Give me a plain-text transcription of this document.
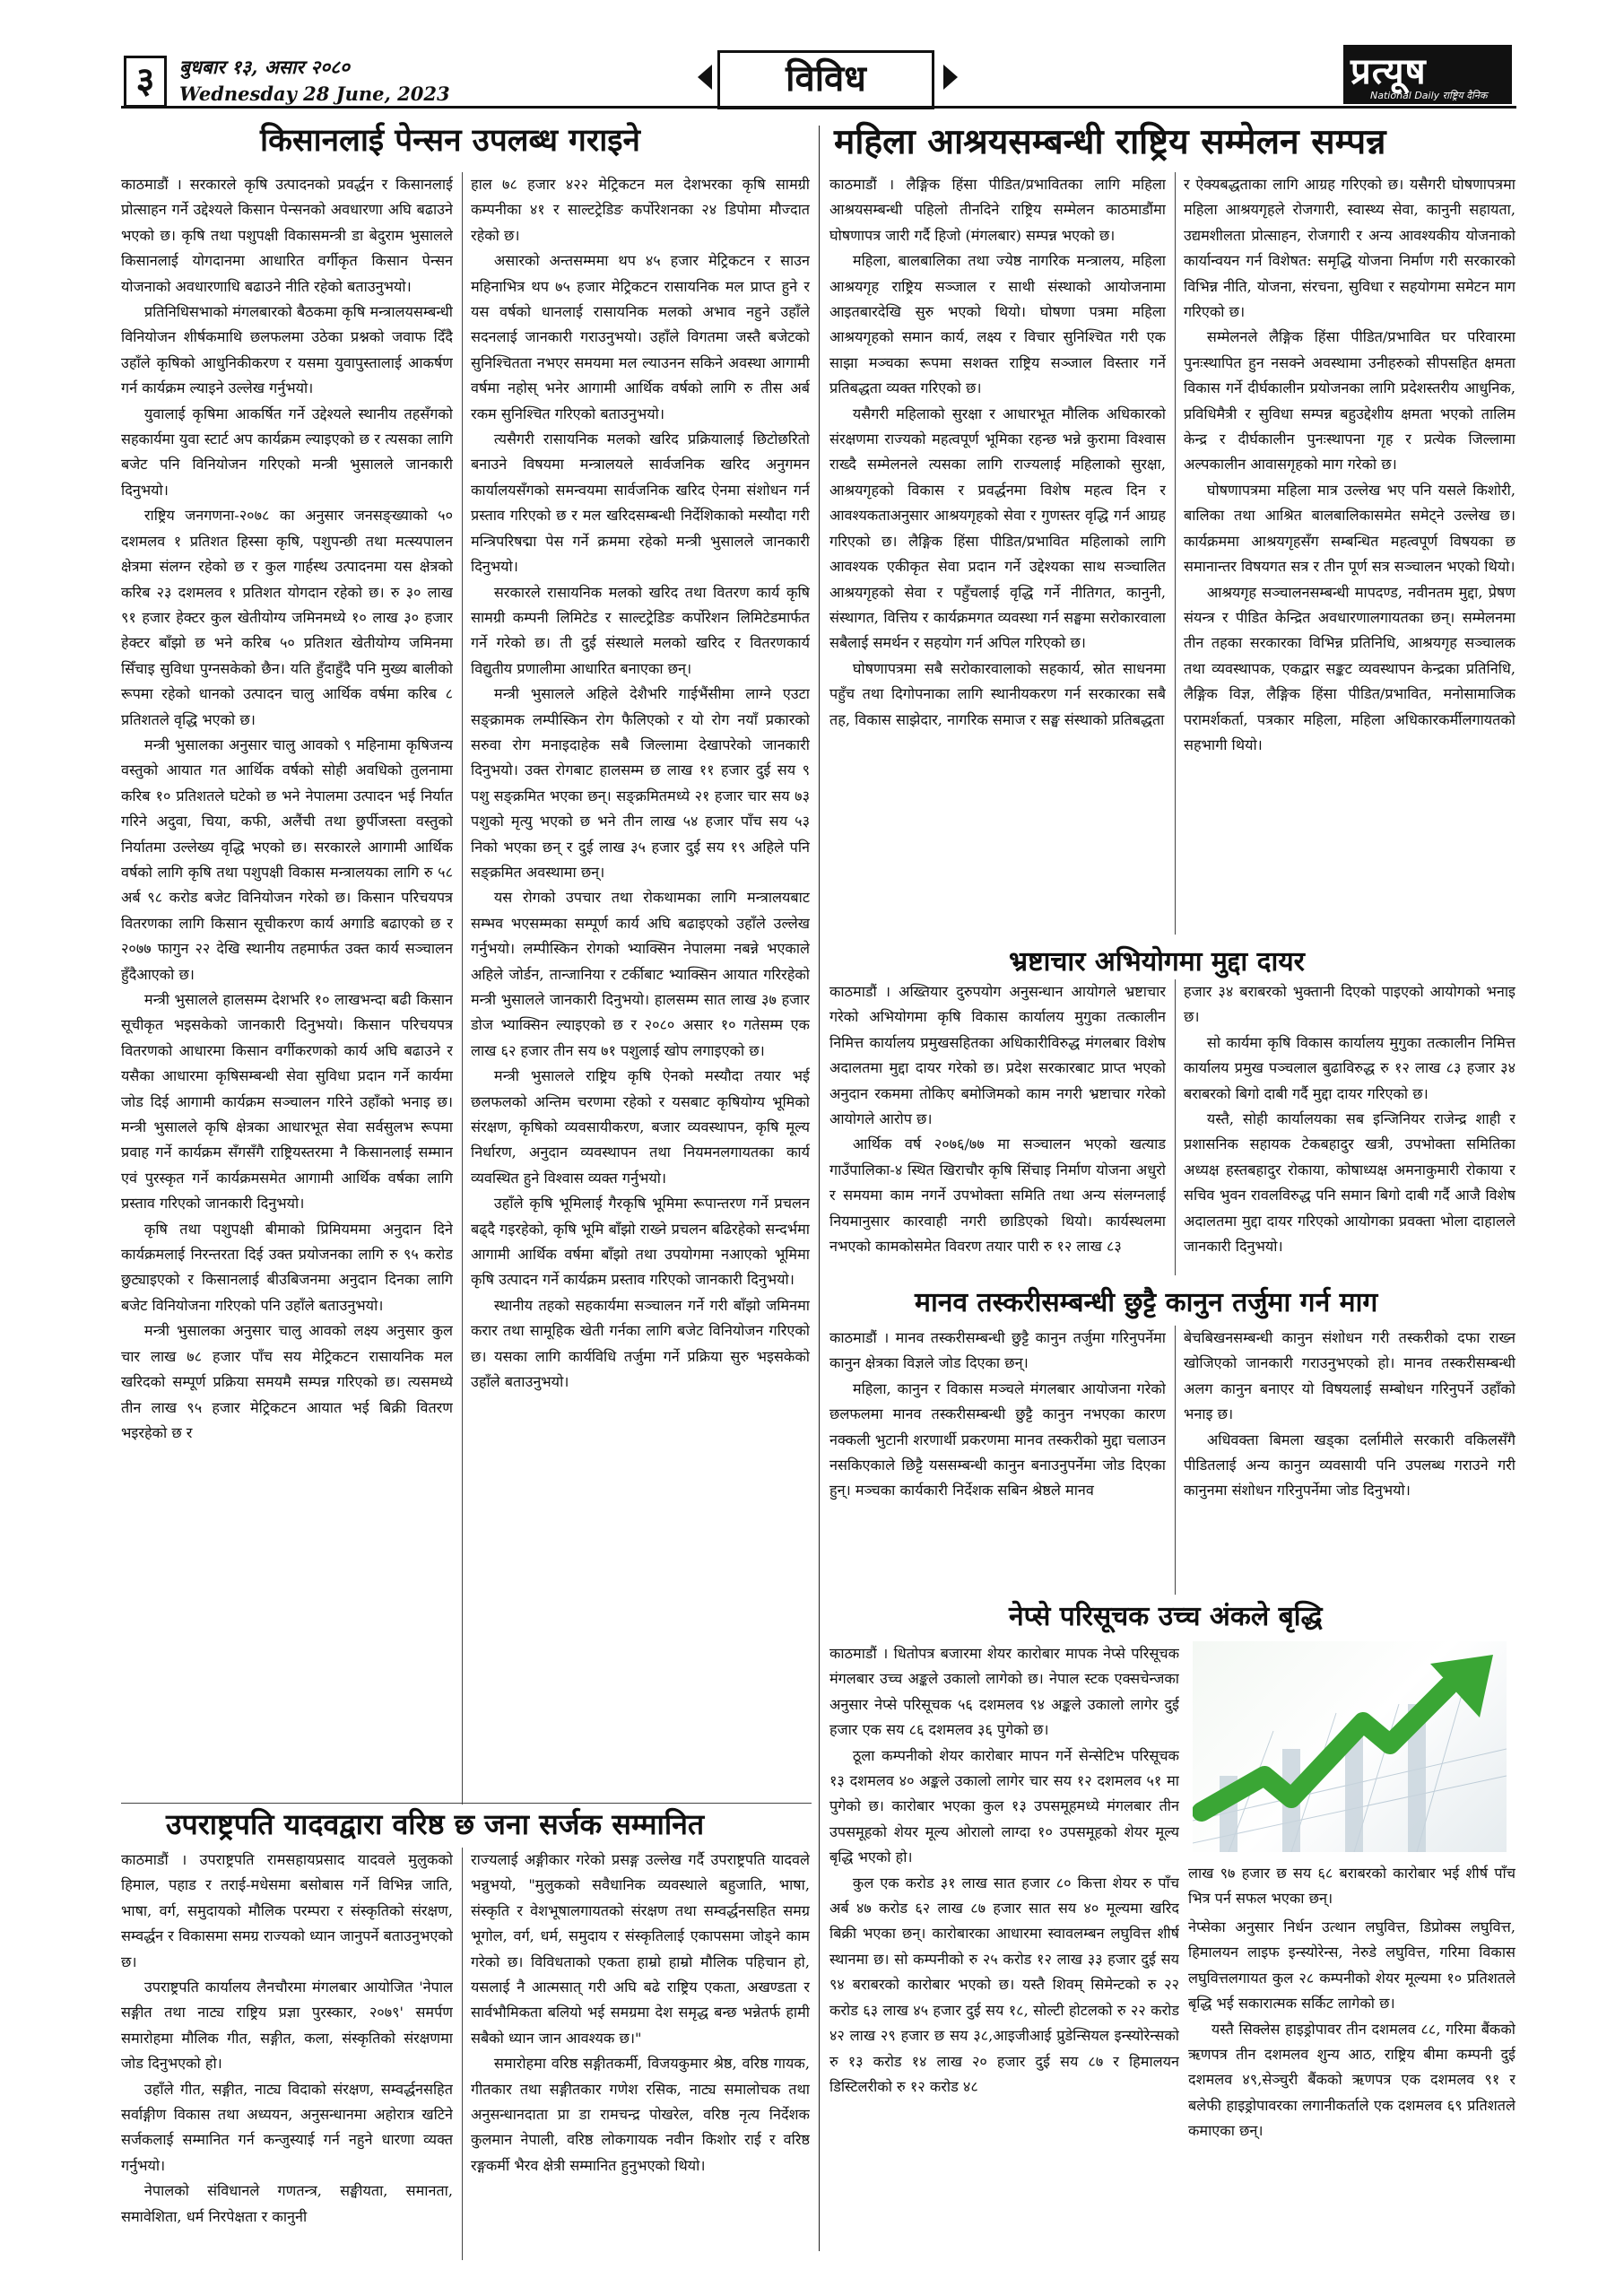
३	बुधबार १३, असार २०८०
Wednesday 28 June, 2023	विविध	प्रत्यूष
National Daily राष्ट्रिय दैनिक
किसानलाई पेन्सन उपलब्ध गराइने

काठमाडौं । सरकारले कृषि उत्पादनको प्रवर्द्धन र किसानलाई प्रोत्साहन गर्ने उद्देश्यले किसान पेन्सनको अवधारणा अघि बढाउने भएको छ। कृषि तथा पशुपक्षी विकासमन्त्री डा बेदुराम भुसालले किसानलाई योगदानमा आधारित वर्गीकृत किसान पेन्सन योजनाको अवधारणाधि बढाउने नीति रहेको बताउनुभयो।

प्रतिनिधिसभाको मंगलबारको बैठकमा कृषि मन्त्रालयसम्बन्धी विनियोजन शीर्षकमाथि छलफलमा उठेका प्रश्नको जवाफ दिँदै उहाँले कृषिको आधुनिकीकरण र यसमा युवापुस्तालाई आकर्षण गर्न कार्यक्रम ल्याइने उल्लेख गर्नुभयो।

युवालाई कृषिमा आकर्षित गर्ने उद्देश्यले स्थानीय तहसँगको सहकार्यमा युवा स्टार्ट अप कार्यक्रम ल्याइएको छ र त्यसका लागि बजेट पनि विनियोजन गरिएको मन्त्री भुसालले जानकारी दिनुभयो।

राष्ट्रिय जनगणना-२०७८ का अनुसार जनसङ्ख्याको ५० दशमलव १ प्रतिशत हिस्सा कृषि, पशुपन्छी तथा मत्स्यपालन क्षेत्रमा संलग्न रहेको छ र कुल गार्हस्थ उत्पादनमा यस क्षेत्रको करिब २३ दशमलव १ प्रतिशत योगदान रहेको छ। रु ३० लाख ९१ हजार हेक्टर कुल खेतीयोग्य जमिनमध्ये १० लाख ३० हजार हेक्टर बाँझो छ भने करिब ५० प्रतिशत खेतीयोग्य जमिनमा सिँचाइ सुविधा पुग्नसकेको छैन। यति हुँदाहुँदै पनि मुख्य बालीको रूपमा रहेको धानको उत्पादन चालु आर्थिक वर्षमा करिब ८ प्रतिशतले वृद्धि भएको छ।

मन्त्री भुसालका अनुसार चालु आवको ९ महिनामा कृषिजन्य वस्तुको आयात गत आर्थिक वर्षको सोही अवधिको तुलनामा करिब १० प्रतिशतले घटेको छ भने नेपालमा उत्पादन भई निर्यात गरिने अदुवा, चिया, कफी, अलैंची तथा छुर्पीजस्ता वस्तुको निर्यातमा उल्लेख्य वृद्धि भएको छ। सरकारले आगामी आर्थिक वर्षको लागि कृषि तथा पशुपक्षी विकास मन्त्रालयका लागि रु ५८ अर्ब ९८ करोड बजेट विनियोजन गरेको छ। किसान परिचयपत्र वितरणका लागि किसान सूचीकरण कार्य अगाडि बढाएको छ र २०७७ फागुन २२ देखि स्थानीय तहमार्फत उक्त कार्य सञ्चालन हुँदैआएको छ।

मन्त्री भुसालले हालसम्म देशभरि १० लाखभन्दा बढी किसान सूचीकृत भइसकेको जानकारी दिनुभयो। किसान परिचयपत्र वितरणको आधारमा किसान वर्गीकरणको कार्य अघि बढाउने र यसैका आधारमा कृषिसम्बन्धी सेवा सुविधा प्रदान गर्ने कार्यमा जोड दिई आगामी कार्यक्रम सञ्चालन गरिने उहाँको भनाइ छ। मन्त्री भुसालले कृषि क्षेत्रका आधारभूत सेवा सर्वसुलभ रूपमा प्रवाह गर्ने कार्यक्रम सँगसँगै राष्ट्रियस्तरमा नै किसानलाई सम्मान एवं पुरस्कृत गर्ने कार्यक्रमसमेत आगामी आर्थिक वर्षका लागि प्रस्ताव गरिएको जानकारी दिनुभयो।

कृषि तथा पशुपक्षी बीमाको प्रिमियममा अनुदान दिने कार्यक्रमलाई निरन्तरता दिई उक्त प्रयोजनका लागि रु ९५ करोड छुट्याइएको र किसानलाई बीउबिजनमा अनुदान दिनका लागि बजेट विनियोजना गरिएको पनि उहाँले बताउनुभयो।

मन्त्री भुसालका अनुसार चालु आवको लक्ष्य अनुसार कुल चार लाख ७८ हजार पाँच सय मेट्रिकटन रासायनिक मल खरिदको सम्पूर्ण प्रक्रिया समयमै सम्पन्न गरिएको छ। त्यसमध्ये तीन लाख ९५ हजार मेट्रिकटन आयात भई बिक्री वितरण भइरहेको छ र

हाल ७८ हजार ४२२ मेट्रिकटन मल देशभरका कृषि सामग्री कम्पनीका ४१ र साल्टट्रेडिङ कर्पोरेशनका २४ डिपोमा मौज्दात रहेको छ।

असारको अन्तसम्ममा थप ४५ हजार मेट्रिकटन र साउन महिनाभित्र थप ७५ हजार मेट्रिकटन रासायनिक मल प्राप्त हुने र यस वर्षको धानलाई रासायनिक मलको अभाव नहुने उहाँले सदनलाई जानकारी गराउनुभयो। उहाँले विगतमा जस्तै बजेटको सुनिश्चितता नभएर समयमा मल ल्याउनन सकिने अवस्था आगामी वर्षमा नहोस् भनेर आगामी आर्थिक वर्षको लागि रु तीस अर्ब रकम सुनिश्चित गरिएको बताउनुभयो।

त्यसैगरी रासायनिक मलको खरिद प्रक्रियालाई छिटोछरितो बनाउने विषयमा मन्त्रालयले सार्वजनिक खरिद अनुगमन कार्यालयसँगको समन्वयमा सार्वजनिक खरिद ऐनमा संशोधन गर्न प्रस्ताव गरिएको छ र मल खरिदसम्बन्धी निर्देशिकाको मस्यौदा गरी मन्त्रिपरिषद्मा पेस गर्ने क्रममा रहेको मन्त्री भुसालले जानकारी दिनुभयो।

सरकारले रासायनिक मलको खरिद तथा वितरण कार्य कृषि सामग्री कम्पनी लिमिटेड र साल्टट्रेडिङ कर्पोरेशन लिमिटेडमार्फत गर्ने गरेको छ। ती दुई संस्थाले मलको खरिद र वितरणकार्य विद्युतीय प्रणालीमा आधारित बनाएका छन्।

मन्त्री भुसालले अहिले देशैभरि गाईभैंसीमा लाग्ने एउटा सङ्क्रामक लम्पीस्किन रोग फैलिएको र यो रोग नयाँ प्रकारको सरुवा रोग मनाइदाहेक सबै जिल्लामा देखापरेको जानकारी दिनुभयो। उक्त रोगबाट हालसम्म छ लाख ११ हजार दुई सय ९ पशु सङ्क्रमित भएका छन्। सङ्क्रमितमध्ये २१ हजार चार सय ७३ पशुको मृत्यु भएको छ भने तीन लाख ५४ हजार पाँच सय ५३ निको भएका छन् र दुई लाख ३५ हजार दुई सय १९ अहिले पनि सङ्क्रमित अवस्थामा छन्।

यस रोगको उपचार तथा रोकथामका लागि मन्त्रालयबाट सम्भव भएसम्मका सम्पूर्ण कार्य अघि बढाइएको उहाँले उल्लेख गर्नुभयो। लम्पीस्किन रोगको भ्याक्सिन नेपालमा नबन्ने भएकाले अहिले जोर्डन, तान्जानिया र टर्कीबाट भ्याक्सिन आयात गरिरहेको मन्त्री भुसालले जानकारी दिनुभयो। हालसम्म सात लाख ३७ हजार डोज भ्याक्सिन ल्याइएको छ र २०८० असार १० गतेसम्म एक लाख ६२ हजार तीन सय ७१ पशुलाई खोप लगाइएको छ।

मन्त्री भुसालले राष्ट्रिय कृषि ऐनको मस्यौदा तयार भई छलफलको अन्तिम चरणमा रहेको र यसबाट कृषियोग्य भूमिको संरक्षण, कृषिको व्यवसायीकरण, बजार व्यवस्थापन, कृषि मूल्य निर्धारण, अनुदान व्यवस्थापन तथा नियमनलगायतका कार्य व्यवस्थित हुने विश्वास व्यक्त गर्नुभयो।

उहाँले कृषि भूमिलाई गैरकृषि भूमिमा रूपान्तरण गर्ने प्रचलन बढ्दै गइरहेको, कृषि भूमि बाँझो राख्ने प्रचलन बढिरहेको सन्दर्भमा आगामी आर्थिक वर्षमा बाँझो तथा उपयोगमा नआएको भूमिमा कृषि उत्पादन गर्ने कार्यक्रम प्रस्ताव गरिएको जानकारी दिनुभयो।

स्थानीय तहको सहकार्यमा सञ्चालन गर्ने गरी बाँझो जमिनमा करार तथा सामूहिक खेती गर्नका लागि बजेट विनियोजन गरिएको छ। यसका लागि कार्यविधि तर्जुमा गर्ने प्रक्रिया सुरु भइसकेको उहाँले बताउनुभयो।

महिला आश्रयसम्बन्धी राष्ट्रिय सम्मेलन सम्पन्न

काठमाडौं । लैङ्गिक हिंसा पीडित/प्रभावितका लागि महिला आश्रयसम्बन्धी पहिलो तीनदिने राष्ट्रिय सम्मेलन काठमाडौंमा घोषणापत्र जारी गर्दै हिजो (मंगलबार) सम्पन्न भएको छ।

महिला, बालबालिका तथा ज्येष्ठ नागरिक मन्त्रालय, महिला आश्रयगृह राष्ट्रिय सञ्जाल र साथी संस्थाको आयोजनामा आइतबारदेखि सुरु भएको थियो। घोषणा पत्रमा महिला आश्रयगृहको समान कार्य, लक्ष्य र विचार सुनिश्चित गरी एक साझा मञ्चका रूपमा सशक्त राष्ट्रिय सञ्जाल विस्तार गर्ने प्रतिबद्धता व्यक्त गरिएको छ।

यसैगरी महिलाको सुरक्षा र आधारभूत मौलिक अधिकारको संरक्षणमा राज्यको महत्वपूर्ण भूमिका रहन्छ भन्ने कुरामा विश्वास राख्दै सम्मेलनले त्यसका लागि राज्यलाई महिलाको सुरक्षा, आश्रयगृहको विकास र प्रवर्द्धनमा विशेष महत्व दिन र आवश्यकताअनुसार आश्रयगृहको सेवा र गुणस्तर वृद्धि गर्न आग्रह गरिएको छ। लैङ्गिक हिंसा पीडित/प्रभावित महिलाको लागि आवश्यक एकीकृत सेवा प्रदान गर्ने उद्देश्यका साथ सञ्चालित आश्रयगृहको सेवा र पहुँचलाई वृद्धि गर्ने नीतिगत, कानुनी, संस्थागत, वित्तिय र कार्यक्रमगत व्यवस्था गर्न सङ्घमा सरोकारवाला सबैलाई समर्थन र सहयोग गर्न अपिल गरिएको छ।

घोषणापत्रमा सबै सरोकारवालाको सहकार्य, स्रोत साधनमा पहुँच तथा दिगोपनाका लागि स्थानीयकरण गर्न सरकारका सबै तह, विकास साझेदार, नागरिक समाज र सङ्घ संस्थाको प्रतिबद्धता

र ऐक्यबद्धताका लागि आग्रह गरिएको छ। यसैगरी घोषणापत्रमा महिला आश्रयगृहले रोजगारी, स्वास्थ्य सेवा, कानुनी सहायता, उद्यमशीलता प्रोत्साहन, रोजगारी र अन्य आवश्यकीय योजनाको कार्यान्वयन गर्न विशेषत: समृद्धि योजना निर्माण गरी सरकारको विभिन्न नीति, योजना, संरचना, सुविधा र सहयोगमा समेटन माग गरिएको छ।

सम्मेलनले लैङ्गिक हिंसा पीडित/प्रभावित घर परिवारमा पुनःस्थापित हुन नसक्ने अवस्थामा उनीहरुको सीपसहित क्षमता विकास गर्ने दीर्घकालीन प्रयोजनका लागि प्रदेशस्तरीय आधुनिक, प्रविधिमैत्री र सुविधा सम्पन्न बहुउद्देशीय क्षमता भएको तालिम केन्द्र र दीर्घकालीन पुनःस्थापना गृह र प्रत्येक जिल्लामा अल्पकालीन आवासगृहको माग गरेको छ।

घोषणापत्रमा महिला मात्र उल्लेख भए पनि यसले किशोरी, बालिका तथा आश्रित बालबालिकासमेत समेट्ने उल्लेख छ। कार्यक्रममा आश्रयगृहसँग सम्बन्धित महत्वपूर्ण विषयका छ समानान्तर विषयगत सत्र र तीन पूर्ण सत्र सञ्चालन भएको थियो।

आश्रयगृह सञ्चालनसम्बन्धी मापदण्ड, नवीनतम मुद्दा, प्रेषण संयन्त्र र पीडित केन्द्रित अवधारणालगायतका छन्। सम्मेलनमा तीन तहका सरकारका विभिन्न प्रतिनिधि, आश्रयगृह सञ्चालक तथा व्यवस्थापक, एकद्वार सङ्कट व्यवस्थापन केन्द्रका प्रतिनिधि, लैङ्गिक विज्ञ, लैङ्गिक हिंसा पीडित/प्रभावित, मनोसामाजिक परामर्शकर्ता, पत्रकार महिला, महिला अधिकारकर्मीलगायतको सहभागी थियो।

भ्रष्टाचार अभियोगमा मुद्दा दायर

काठमाडौं । अख्तियार दुरुपयोग अनुसन्धान आयोगले भ्रष्टाचार गरेको अभियोगमा कृषि विकास कार्यालय मुगुका तत्कालीन निमित्त कार्यालय प्रमुखसहितका अधिकारीविरुद्ध मंगलबार विशेष अदालतमा मुद्दा दायर गरेको छ। प्रदेश सरकारबाट प्राप्त भएको अनुदान रकममा तोकिए बमोजिमको काम नगरी भ्रष्टाचार गरेको आयोगले आरोप छ।

आर्थिक वर्ष २०७६/७७ मा सञ्चालन भएको खत्याड गाउँपालिका-४ स्थित खिराचौर कृषि सिंचाइ निर्माण योजना अधुरो र समयमा काम नगर्ने उपभोक्ता समिति तथा अन्य संलग्नलाई नियमानुसार कारवाही नगरी छाडिएको थियो। कार्यस्थलमा नभएको कामकोसमेत विवरण तयार पारी रु १२ लाख ८३

हजार ३४ बराबरको भुक्तानी दिएको पाइएको आयोगको भनाइ छ।

सो कार्यमा कृषि विकास कार्यालय मुगुका तत्कालीन निमित्त कार्यालय प्रमुख पञ्चलाल बुढाविरुद्ध रु १२ लाख ८३ हजार ३४ बराबरको बिगो दाबी गर्दै मुद्दा दायर गरिएको छ।

यस्तै, सोही कार्यालयका सब इन्जिनियर राजेन्द्र शाही र प्रशासनिक सहायक टेकबहादुर खत्री, उपभोक्ता समितिका अध्यक्ष हस्तबहादुर रोकाया, कोषाध्यक्ष अमनाकुमारी रोकाया र सचिव भुवन रावलविरुद्ध पनि समान बिगो दाबी गर्दै आजै विशेष अदालतमा मुद्दा दायर गरिएको आयोगका प्रवक्ता भोला दाहालले जानकारी दिनुभयो।

मानव तस्करीसम्बन्धी छुट्टै कानुन तर्जुमा गर्न माग

काठमाडौं । मानव तस्करीसम्बन्धी छुट्टै कानुन तर्जुमा गरिनुपर्नेमा कानुन क्षेत्रका विज्ञले जोड दिएका छन्।

महिला, कानुन र विकास मञ्चले मंगलबार आयोजना गरेको छलफलमा मानव तस्करीसम्बन्धी छुट्टै कानुन नभएका कारण नक्कली भुटानी शरणार्थी प्रकरणमा मानव तस्करीको मुद्दा चलाउन नसकिएकाले छिट्टै यससम्बन्धी कानुन बनाउनुपर्नेमा जोड दिएका हुन्। मञ्चका कार्यकारी निर्देशक सबिन श्रेष्ठले मानव

बेचबिखनसम्बन्धी कानुन संशोधन गरी तस्करीको दफा राख्न खोजिएको जानकारी गराउनुभएको हो। मानव तस्करीसम्बन्धी अलग कानुन बनाएर यो विषयलाई सम्बोधन गरिनुपर्ने उहाँको भनाइ छ।

अधिवक्ता बिमला खड्का दर्लामीले सरकारी वकिलसँगै पीडितलाई अन्य कानुन व्यवसायी पनि उपलब्ध गराउने गरी कानुनमा संशोधन गरिनुपर्नेमा जोड दिनुभयो।

नेप्से परिसूचक उच्च अंकले बृद्धि

काठमाडौं । धितोपत्र बजारमा शेयर कारोबार मापक नेप्से परिसूचक मंगलबार उच्च अङ्कले उकालो लागेको छ। नेपाल स्टक एक्सचेन्जका अनुसार नेप्से परिसूचक ५६ दशमलव ९४ अङ्कले उकालो लागेर दुई हजार एक सय ८६ दशमलव ३६ पुगेको छ।

ठूला कम्पनीको शेयर कारोबार मापन गर्ने सेन्सेटिभ परिसूचक १३ दशमलव ४० अङ्कले उकालो लागेर चार सय १२ दशमलव ५१ मा पुगेको छ। कारोबार भएका कुल १३ उपसमूहमध्ये मंगलबार तीन उपसमूहको शेयर मूल्य ओरालो लाग्दा १० उपसमूहको शेयर मूल्य बृद्धि भएको हो।

कुल एक करोड ३१ लाख सात हजार ८० कित्ता शेयर रु पाँच अर्ब ४७ करोड ६२ लाख ८७ हजार सात सय ४० मूल्यमा खरिद बिक्री भएका छन्। कारोबारका आधारमा स्वावलम्बन लघुवित्त शीर्ष स्थानमा छ। सो कम्पनीको रु २५ करोड १२ लाख ३३ हजार दुई सय ९४ बराबरको कारोबार भएको छ। यस्तै शिवम् सिमेन्टको रु २२ करोड ६३ लाख ४५ हजार दुई सय १८, सोल्टी होटलको रु २२ करोड ४२ लाख २९ हजार छ सय ३८,आइजीआई प्रुडेन्सियल इन्स्योरेन्सको रु १३ करोड १४ लाख २० हजार दुई सय ८७ र हिमालयन डिस्टिलरीको रु १२ करोड ४८

लाख ९७ हजार छ सय ६८ बराबरको कारोबार भई शीर्ष पाँच भित्र पर्न सफल भएका छन्।

नेप्सेका अनुसार निर्धन उत्थान लघुवित्त, डिप्रोक्स लघुवित्त, हिमालयन लाइफ इन्स्योरेन्स, नेरुडे लघुवित्त, गरिमा विकास लघुवित्तलगायत कुल २८ कम्पनीको शेयर मूल्यमा १० प्रतिशतले बृद्धि भई सकारात्मक सर्किट लागेको छ।

यस्तै सिक्लेस हाइड्रोपावर तीन दशमलव ८८, गरिमा बैंकको ऋणपत्र तीन दशमलव शुन्य आठ, राष्ट्रिय बीमा कम्पनी दुई दशमलव ४९,सेञ्चुरी बैंकको ऋणपत्र एक दशमलव ९१ र बलेफी हाइड्रोपावरका लगानीकर्ताले एक दशमलव ६९ प्रतिशतले कमाएका छन्।

उपराष्ट्रपति यादवद्वारा वरिष्ठ छ जना सर्जक सम्मानित

काठमाडौं । उपराष्ट्रपति रामसहायप्रसाद यादवले मुलुकको हिमाल, पहाड र तराई-मधेसमा बसोबास गर्ने विभिन्न जाति, भाषा, वर्ग, समुदायको मौलिक परम्परा र संस्कृतिको संरक्षण, सम्वर्द्धन र विकासमा समग्र राज्यको ध्यान जानुपर्ने बताउनुभएको छ।

उपराष्ट्रपति कार्यालय लैनचौरमा मंगलबार आयोजित 'नेपाल सङ्गीत तथा नाट्य राष्ट्रिय प्रज्ञा पुरस्कार, २०७९' समर्पण समारोहमा मौलिक गीत, सङ्गीत, कला, संस्कृतिको संरक्षणमा जोड दिनुभएको हो।

उहाँले गीत, सङ्गीत, नाट्य विदाको संरक्षण, सम्वर्द्धनसहित सर्वाङ्गीण विकास तथा अध्ययन, अनुसन्धानमा अहोरात्र खटिने सर्जकलाई सम्मानित गर्न कन्जुस्याई गर्न नहुने धारणा व्यक्त गर्नुभयो।

नेपालको संविधानले गणतन्त्र, सङ्घीयता, समानता, समावेशिता, धर्म निरपेक्षता र कानुनी

राज्यलाई अङ्गीकार गरेको प्रसङ्ग उल्लेख गर्दै उपराष्ट्रपति यादवले भन्नुभयो, "मुलुकको सवैधानिक व्यवस्थाले बहुजाति, भाषा, संस्कृति र वेशभूषालगायतको संरक्षण तथा सम्वर्द्धनसहित समग्र भूगोल, वर्ग, धर्म, समुदाय र संस्कृतिलाई एकापसमा जोड्ने काम गरेको छ। विविधताको एकता हाम्रो हाम्रो मौलिक पहिचान हो, यसलाई नै आत्मसात् गरी अघि बढे राष्ट्रिय एकता, अखण्डता र सार्वभौमिकता बलियो भई समग्रमा देश समृद्ध बन्छ भन्नेतर्फ हामी सबैको ध्यान जान आवश्यक छ।"

समारोहमा वरिष्ठ सङ्गीतकर्मी, विजयकुमार श्रेष्ठ, वरिष्ठ गायक, गीतकार तथा सङ्गीतकार गणेश रसिक, नाट्य समालोचक तथा अनुसन्धानदाता प्रा डा रामचन्द्र पोखरेल, वरिष्ठ नृत्य निर्देशक कुलमान नेपाली, वरिष्ठ लोकगायक नवीन किशोर राई र वरिष्ठ रङ्गकर्मी भैरव क्षेत्री सम्मानित हुनुभएको थियो।
